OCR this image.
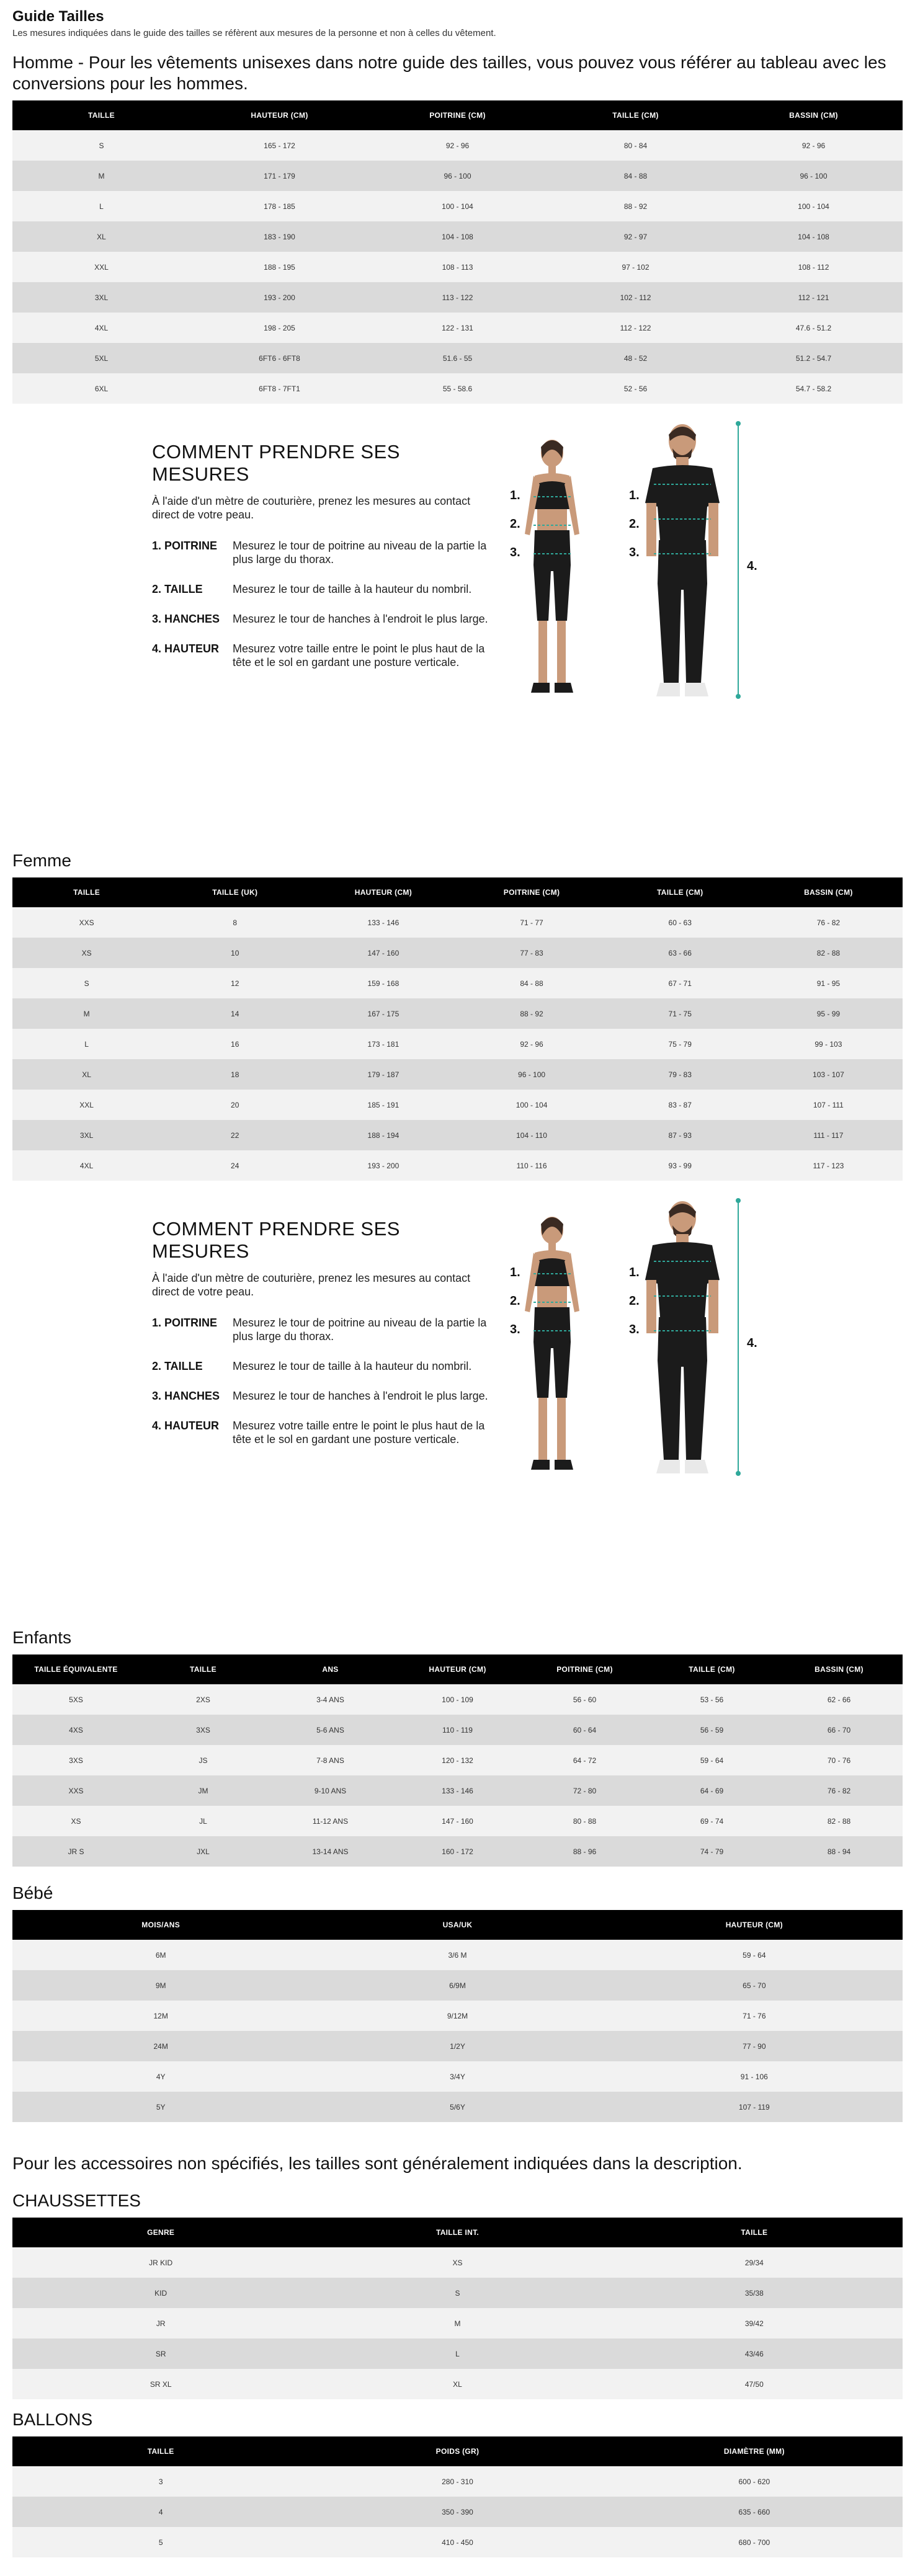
Guide Tailles

Les mesures indiquées dans le guide des tailles se réfèrent aux mesures de la personne et non à celles du vêtement.

Homme - Pour les vêtements unisexes dans notre guide des tailles, vous pouvez vous référer au tableau avec les conversions pour les hommes.
TAILLE	HAUTEUR (CM)	POITRINE (CM)	TAILLE (CM)	BASSIN (CM)
S	165 - 172	92 - 96	80 - 84	92 - 96
M	171 - 179	96 - 100	84 - 88	96 - 100
L	178 - 185	100 - 104	88 - 92	100 - 104
XL	183 - 190	104 - 108	92 - 97	104 - 108
XXL	188 - 195	108 - 113	97 - 102	108 - 112
3XL	193 - 200	113 - 122	102 - 112	112 - 121
4XL	198 - 205	122 - 131	112 - 122	47.6 - 51.2
5XL	6FT6 - 6FT8	51.6 - 55	48 - 52	51.2 - 54.7
6XL	6FT8 - 7FT1	55 - 58.6	52 - 56	54.7 - 58.2
COMMENT PRENDRE SES MESURES
À l'aide d'un mètre de couturière, prenez les mesures au contact direct de votre peau.
1. POITRINE	Mesurez le tour de poitrine au niveau de la partie la plus large du thorax.
2. TAILLE	Mesurez le tour de taille à la hauteur du nombril.
3. HANCHES	Mesurez le tour de hanches à l'endroit le plus large.
4. HAUTEUR	Mesurez votre taille entre le point le plus haut de la tête et le sol en gardant une posture verticale.
1.
2.
3.
1.
2.
3.
4.
Femme
TAILLE	TAILLE (UK)	HAUTEUR (CM)	POITRINE (CM)	TAILLE (CM)	BASSIN (CM)
XXS	8	133 - 146	71 - 77	60 - 63	76 - 82
XS	10	147 - 160	77 - 83	63 - 66	82 - 88
S	12	159 - 168	84 - 88	67 - 71	91 - 95
M	14	167 - 175	88 - 92	71 - 75	95 - 99
L	16	173 - 181	92 - 96	75 - 79	99 - 103
XL	18	179 - 187	96 - 100	79 - 83	103 - 107
XXL	20	185 - 191	100 - 104	83 - 87	107 - 111
3XL	22	188 - 194	104 - 110	87 - 93	111 - 117
4XL	24	193 - 200	110 - 116	93 - 99	117 - 123
COMMENT PRENDRE SES MESURES
À l'aide d'un mètre de couturière, prenez les mesures au contact direct de votre peau.
1. POITRINE	Mesurez le tour de poitrine au niveau de la partie la plus large du thorax.
2. TAILLE	Mesurez le tour de taille à la hauteur du nombril.
3. HANCHES	Mesurez le tour de hanches à l'endroit le plus large.
4. HAUTEUR	Mesurez votre taille entre le point le plus haut de la tête et le sol en gardant une posture verticale.
1.
2.
3.
1.
2.
3.
4.
Enfants
TAILLE ÉQUIVALENTE	TAILLE	ANS	HAUTEUR (CM)	POITRINE (CM)	TAILLE (CM)	BASSIN (CM)
5XS	2XS	3-4 ANS	100 - 109	56 - 60	53 - 56	62 - 66
4XS	3XS	5-6 ANS	110 - 119	60 - 64	56 - 59	66 - 70
3XS	JS	7-8 ANS	120 - 132	64 - 72	59 - 64	70 - 76
XXS	JM	9-10 ANS	133 - 146	72 - 80	64 - 69	76 - 82
XS	JL	11-12 ANS	147 - 160	80 - 88	69 - 74	82 - 88
JR S	JXL	13-14 ANS	160 - 172	88 - 96	74 - 79	88 - 94
Bébé
MOIS/ANS	USA/UK	HAUTEUR (CM)
6M	3/6 M	59 - 64
9M	6/9M	65 - 70
12M	9/12M	71 - 76
24M	1/2Y	77 - 90
4Y	3/4Y	91 - 106
5Y	5/6Y	107 - 119
Pour les accessoires non spécifiés, les tailles sont généralement indiquées dans la description.
CHAUSSETTES
GENRE	TAILLE INT.	TAILLE
JR KID	XS	29/34
KID	S	35/38
JR	M	39/42
SR	L	43/46
SR XL	XL	47/50
BALLONS
TAILLE	POIDS (GR)	DIAMÈTRE (MM)
3	280 - 310	600 - 620
4	350 - 390	635 - 660
5	410 - 450	680 - 700
